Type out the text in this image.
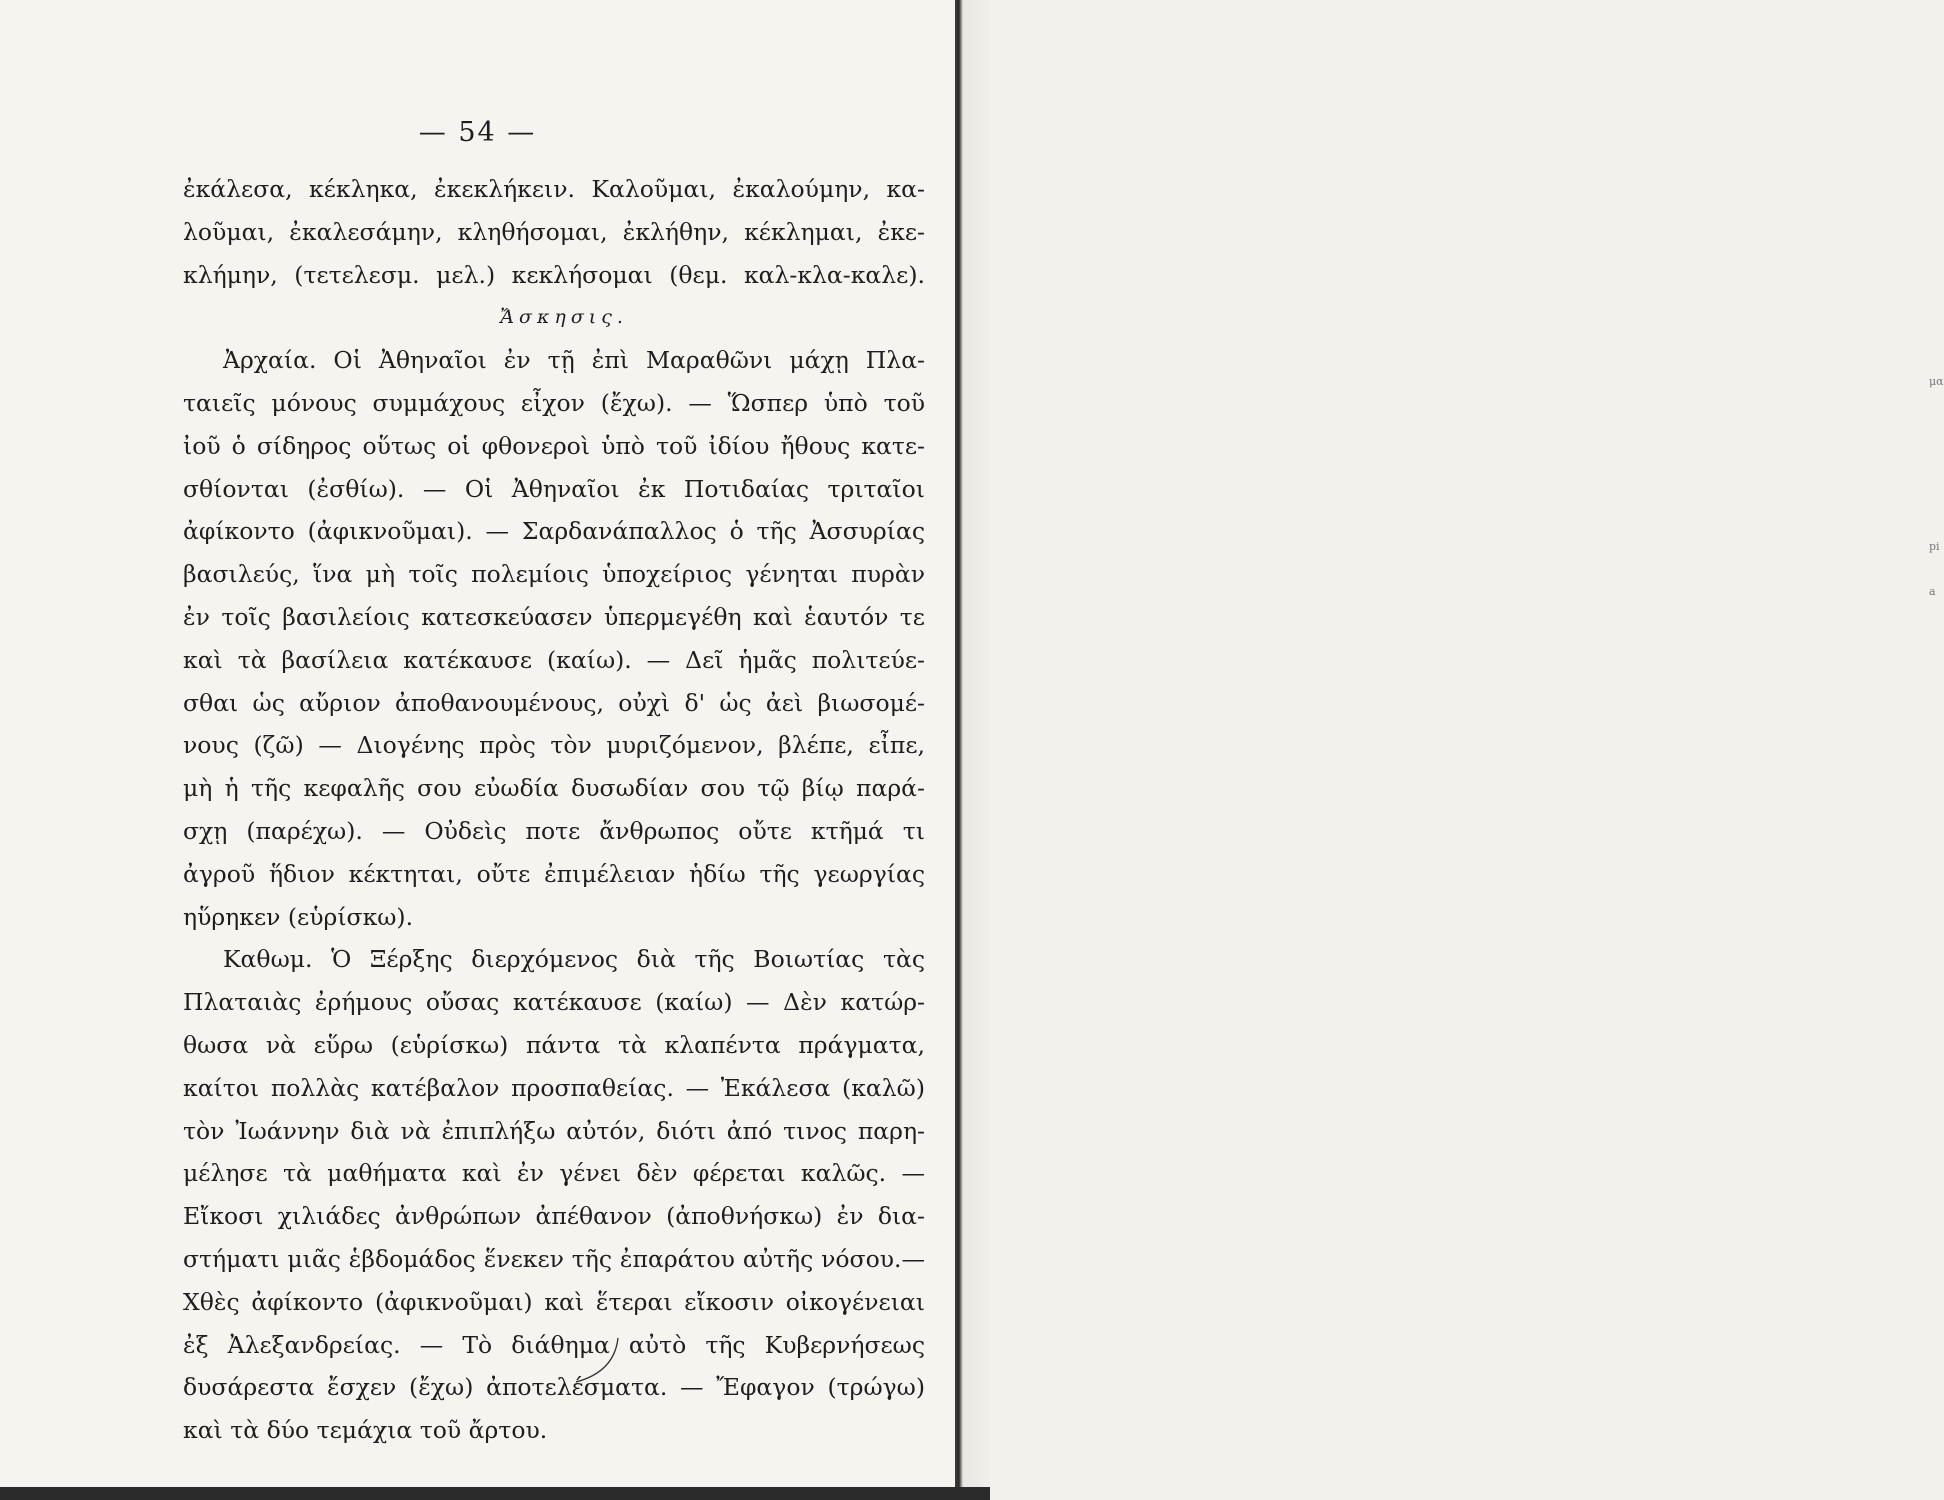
— 54 —
ἐκάλεσα, κέκληκα, ἐκεκλήκειν. Καλοῦμαι, ἐκαλούμην, κα-
λοῦμαι, ἐκαλεσάμην, κληθήσομαι, ἐκλήθην, κέκλημαι, ἐκε-
κλήμην, (τετελεσμ. μελ.) κεκλήσομαι (θεμ. καλ-κλα-καλε).
Ἄσκησις.
Ἀρχαία. Οἱ Ἀθηναῖοι ἐν τῇ ἐπὶ Μαραθῶνι μάχῃ Πλα-
ταιεῖς μόνους συμμάχους εἶχον (ἔχω). — Ὥσπερ ὑπὸ τοῦ
ἰοῦ ὁ σίδηρος οὕτως οἱ φθονεροὶ ὑπὸ τοῦ ἰδίου ἤθους κατε-
σθίονται (ἐσθίω). — Οἱ Ἀθηναῖοι ἐκ Ποτιδαίας τριταῖοι
ἀφίκοντο (ἀφικνοῦμαι). — Σαρδανάπαλλος ὁ τῆς Ἀσσυρίας
βασιλεύς, ἵνα μὴ τοῖς πολεμίοις ὑποχείριος γένηται πυρὰν
ἐν τοῖς βασιλείοις κατεσκεύασεν ὑπερμεγέθη καὶ ἑαυτόν τε
καὶ τὰ βασίλεια κατέκαυσε (καίω). — Δεῖ ἡμᾶς πολιτεύε-
σθαι ὡς αὔριον ἀποθανουμένους, οὐχὶ δ' ὡς ἀεὶ βιωσομέ-
νους (ζῶ) — Διογένης πρὸς τὸν μυριζόμενον, βλέπε, εἶπε,
μὴ ἡ τῆς κεφαλῆς σου εὐωδία δυσωδίαν σου τῷ βίῳ παρά-
σχῃ (παρέχω). — Οὐδεὶς ποτε ἄνθρωπος οὔτε κτῆμά τι
ἀγροῦ ἥδιον κέκτηται, οὔτε ἐπιμέλειαν ἡδίω τῆς γεωργίας
ηὕρηκεν (εὑρίσκω).
Καθωμ. Ὁ Ξέρξης διερχόμενος διὰ τῆς Βοιωτίας τὰς
Πλαταιὰς ἐρήμους οὔσας κατέκαυσε (καίω) — Δὲν κατώρ-
θωσα νὰ εὕρω (εὑρίσκω) πάντα τὰ κλαπέντα πράγματα,
καίτοι πολλὰς κατέβαλον προσπαθείας. — Ἐκάλεσα (καλῶ)
τὸν Ἰωάννην διὰ νὰ ἐπιπλήξω αὐτόν, διότι ἀπό τινος παρη-
μέλησε τὰ μαθήματα καὶ ἐν γένει δὲν φέρεται καλῶς. —
Εἴκοσι χιλιάδες ἀνθρώπων ἀπέθανον (ἀποθνήσκω) ἐν δια-
στήματι μιᾶς ἑβδομάδος ἕνεκεν τῆς ἐπαράτου αὐτῆς νόσου.—
Χθὲς ἀφίκοντο (ἀφικνοῦμαι) καὶ ἕτεραι εἴκοσιν οἰκογένειαι
ἐξ Ἀλεξανδρείας. — Τὸ διάθημα αὐτὸ τῆς Κυβερνήσεως
δυσάρεστα ἔσχεν (ἔχω) ἀποτελέσματα. — Ἔφαγον (τρώγω)
καὶ τὰ δύο τεμάχια τοῦ ἄρτου.
μα
pi
a
